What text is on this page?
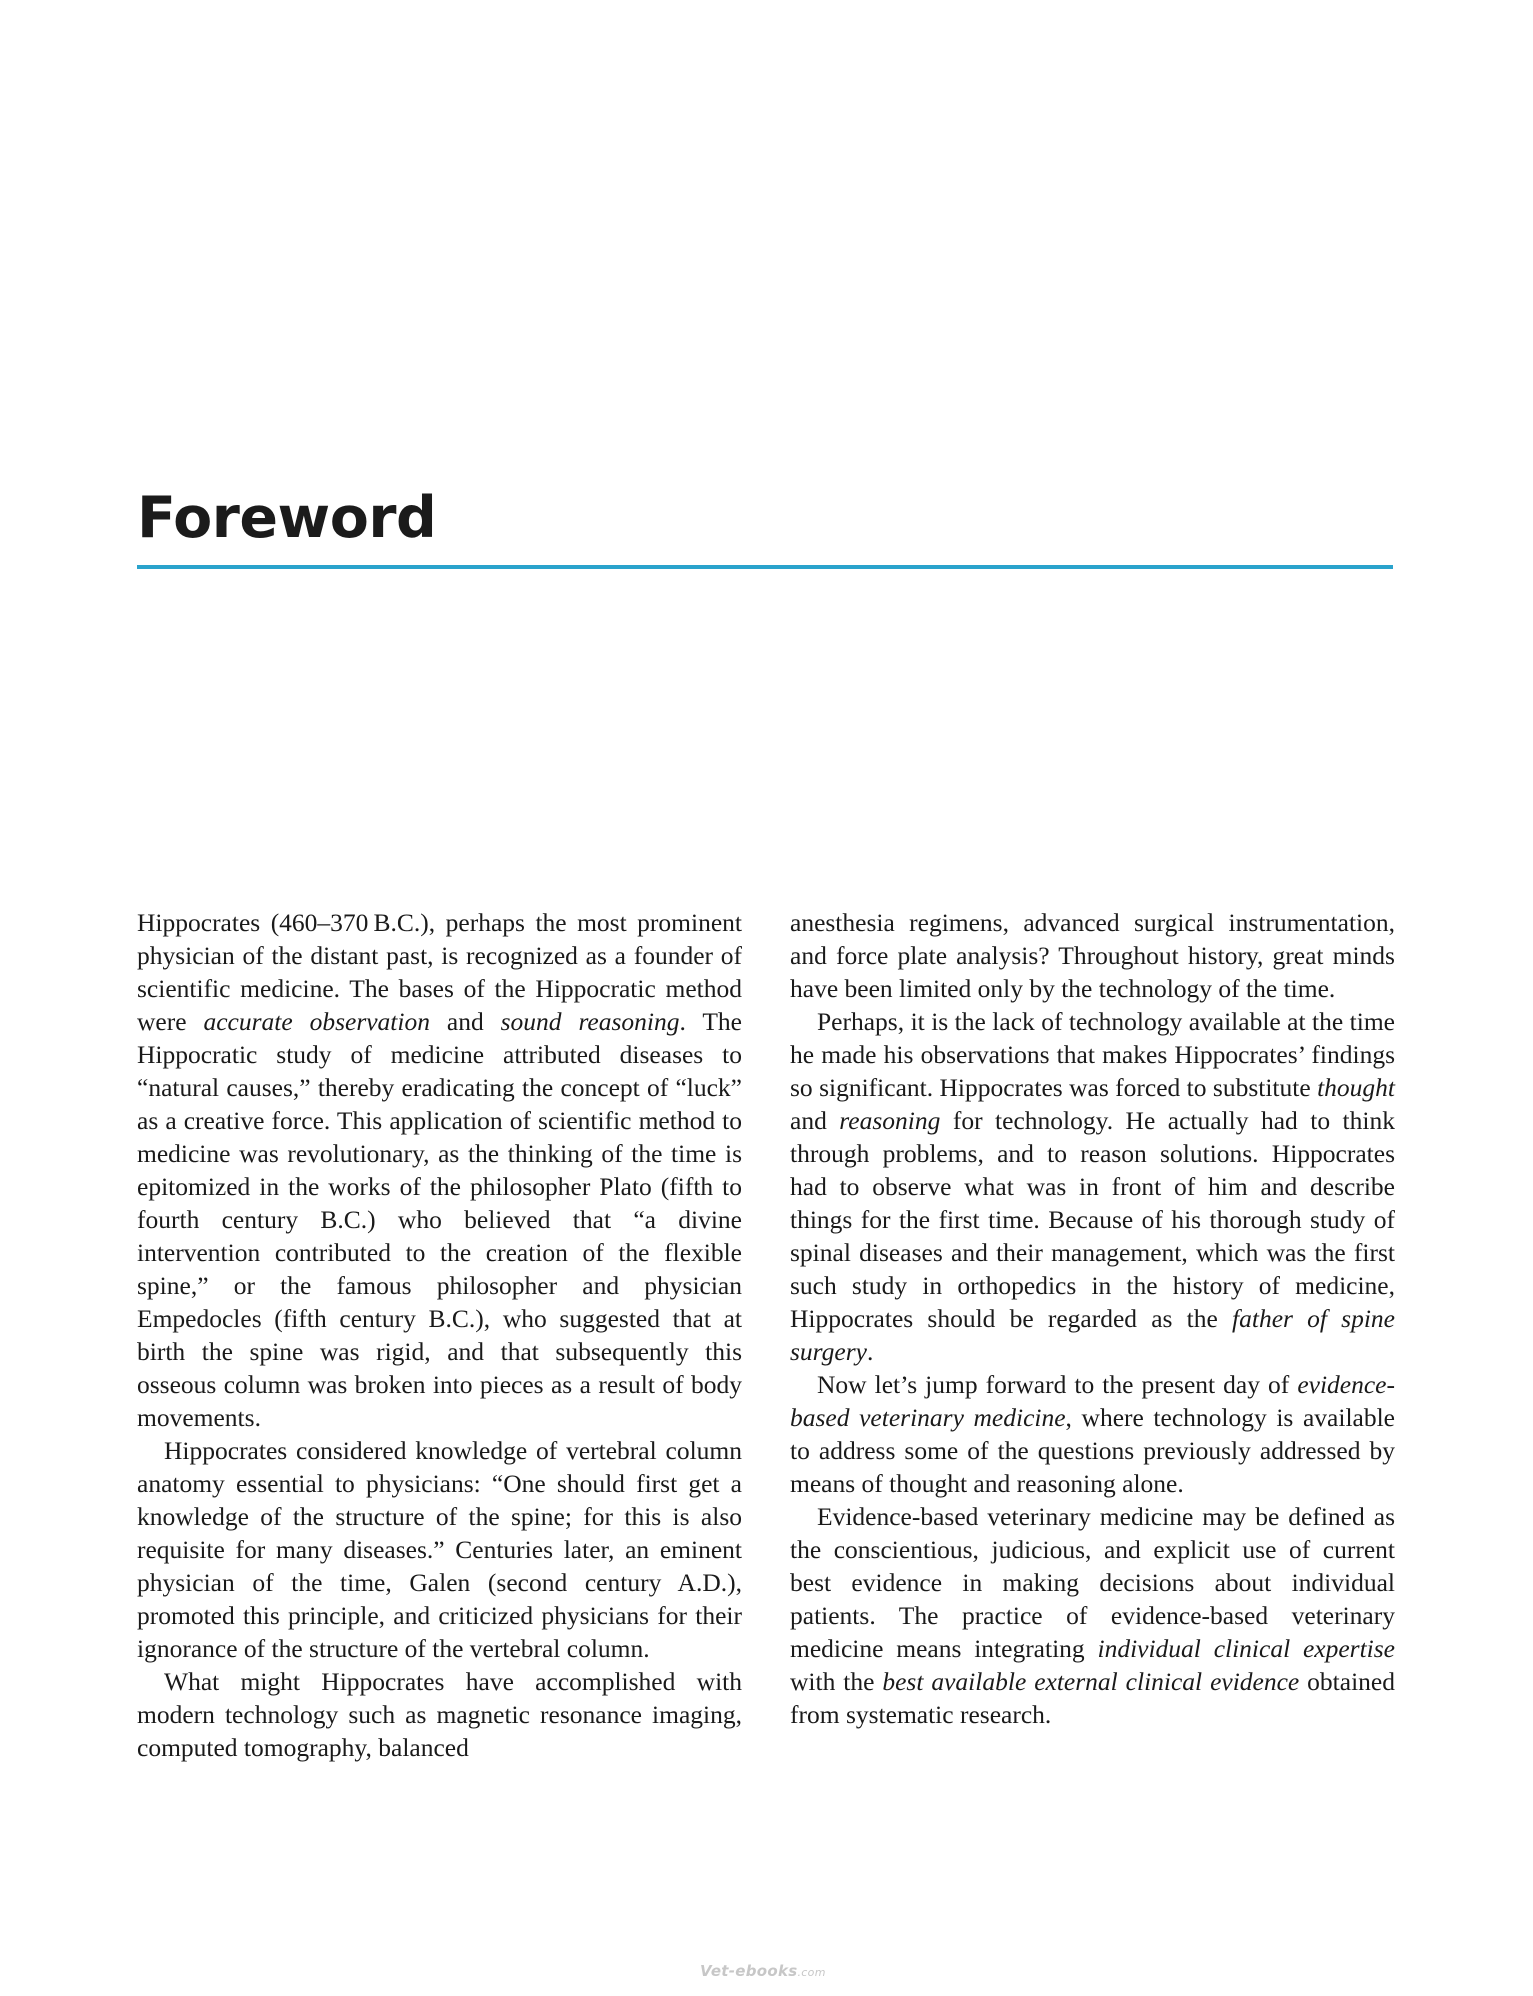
Foreword

Hippocrates (460–370 B.C.), perhaps the most prominent physician of the distant past, is recognized as a founder of scientific medicine. The bases of the Hippocratic method were accurate observation and sound reasoning. The Hippocratic study of medicine attributed diseases to “natural causes,” thereby eradicating the concept of “luck” as a creative force. This application of scientific method to medicine was revolutionary, as the thinking of the time is epitomized in the works of the philosopher Plato (fifth to fourth century B.C.) who believed that “a divine intervention contributed to the creation of the flexible spine,” or the famous philosopher and physician Empedocles (fifth century B.C.), who suggested that at birth the spine was rigid, and that subsequently this osseous column was broken into pieces as a result of body movements.

Hippocrates considered knowledge of vertebral column anatomy essential to physicians: “One should first get a knowledge of the structure of the spine; for this is also requisite for many diseases.” Centuries later, an eminent physician of the time, Galen (second century A.D.), promoted this principle, and criticized physicians for their ignorance of the structure of the vertebral column.

What might Hippocrates have accomplished with modern technology such as magnetic resonance imaging, computed tomography, balanced

anesthesia regimens, advanced surgical instrumentation, and force plate analysis? Throughout history, great minds have been limited only by the technology of the time.

Perhaps, it is the lack of technology available at the time he made his observations that makes Hippocrates’ findings so significant. Hippocrates was forced to substitute thought and reasoning for technology. He actually had to think through problems, and to reason solutions. Hippocrates had to observe what was in front of him and describe things for the first time. Because of his thorough study of spinal diseases and their management, which was the first such study in orthopedics in the history of medicine, Hippocrates should be regarded as the father of spine surgery.

Now let’s jump forward to the present day of evidence-based veterinary medicine, where technology is available to address some of the questions previously addressed by means of thought and reasoning alone.

Evidence-based veterinary medicine may be defined as the conscientious, judicious, and explicit use of current best evidence in making decisions about individual patients. The practice of evidence-based veterinary medicine means integrating individual clinical expertise with the best available external clinical evidence obtained from systematic research.

Vet-ebooks.com
